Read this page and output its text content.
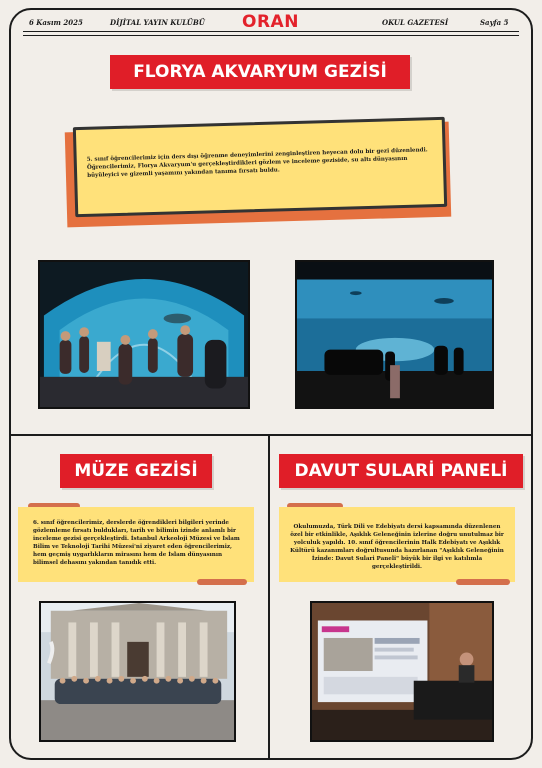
6 Kasım 2025	DİJİTAL YAYIN KULÜBÜ ORAN	OKUL GAZETESİ	Sayfa 5
FLORYA AKVARYUM GEZİSİ

5. sınıf öğrencilerimiz için ders dışı öğrenme deneyimlerini zenginleştiren heyecan dolu bir gezi düzenlendi. Öğrencilerimiz, Florya Akvaryum'u gerçekleştirdikleri gözlem ve inceleme geziside, su altı dünyasının büyüleyici ve gizemli yaşamını yakından tanıma fırsatı buldu.

MÜZE GEZİSİ

6. sınıf öğrencilerimiz, derslerde öğrendikleri bilgileri yerinde gözlemleme fırsatı buldukları, tarih ve bilimin izinde anlamlı bir inceleme gezisi gerçekleştirdi. İstanbul Arkeoloji Müzesi ve İslam Bilim ve Teknoloji Tarihi Müzesi'ni ziyaret eden öğrencilerimiz, hem geçmiş uygarlıkların mirasını hem de İslam dünyasının bilimsel dehasını yakından tanıdık etti.

DAVUT SULARİ PANELİ

Okulumuzda, Türk Dili ve Edebiyatı dersi kapsamında düzenlenen özel bir etkinlikle, Aşıklık Geleneğinin izlerine doğru unutulmaz bir yolculuk yapıldı. 10. sınıf öğrencilerinin Halk Edebiyatı ve Aşıklık Kültürü kazanımları doğrultusunda hazırlanan "Aşıklık Geleneğinin İzinde: Davut Sulari Paneli" büyük bir ilgi ve katılımla gerçekleştirildi.
